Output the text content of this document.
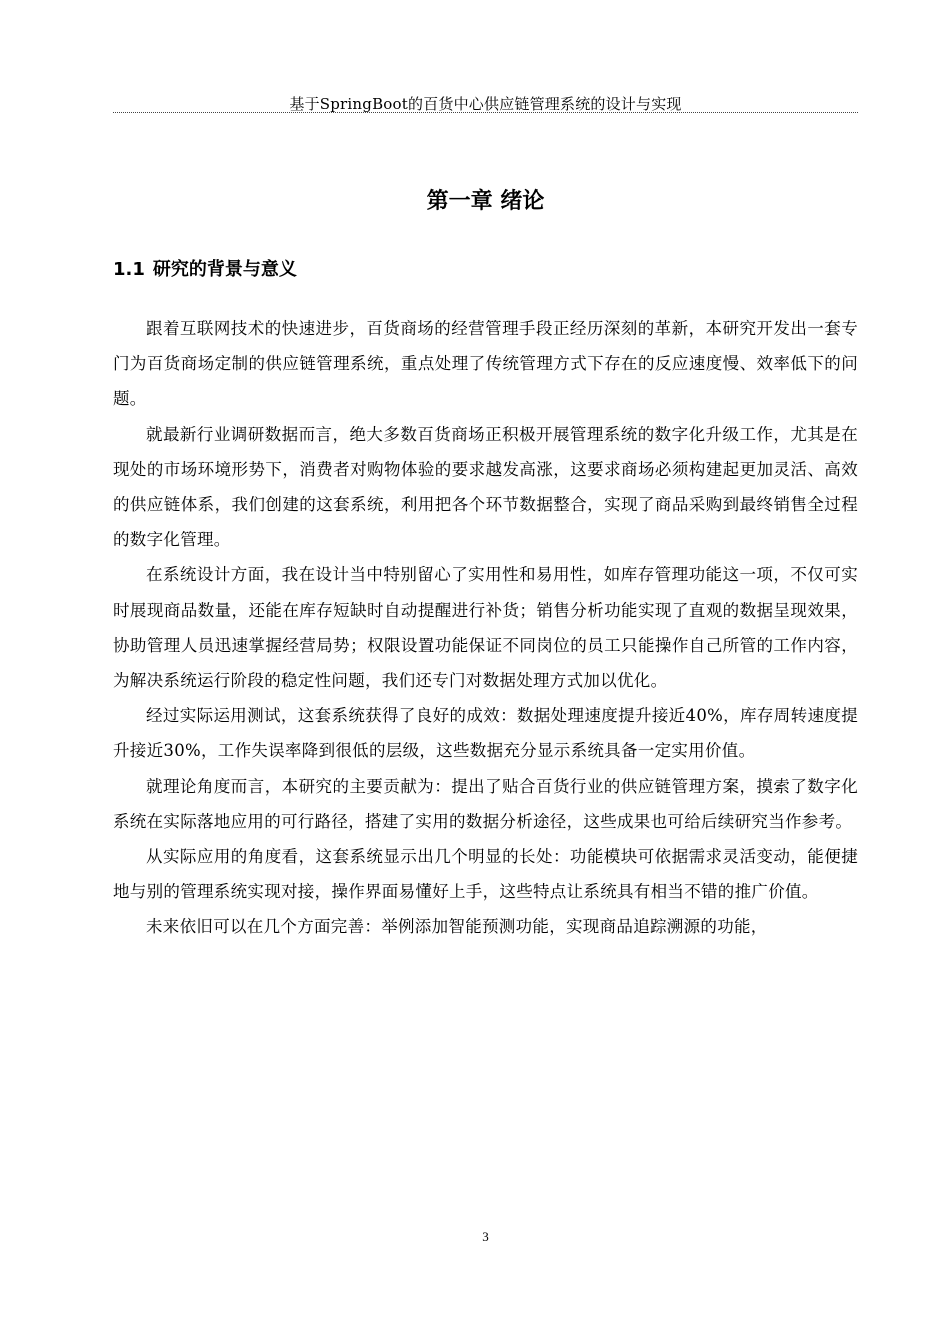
基于SpringBoot的百货中心供应链管理系统的设计与实现
第一章 绪论
1.1 研究的背景与意义

跟着互联网技术的快速进步，百货商场的经营管理手段正经历深刻的革新，本研究开发出一套专门为百货商场定制的供应链管理系统，重点处理了传统管理方式下存在的反应速度慢、效率低下的问题。

就最新行业调研数据而言，绝大多数百货商场正积极开展管理系统的数字化升级工作，尤其是在现处的市场环境形势下，消费者对购物体验的要求越发高涨，这要求商场必须构建起更加灵活、高效的供应链体系，我们创建的这套系统，利用把各个环节数据整合，实现了商品采购到最终销售全过程的数字化管理。

在系统设计方面，我在设计当中特别留心了实用性和易用性，如库存管理功能这一项，不仅可实时展现商品数量，还能在库存短缺时自动提醒进行补货；销售分析功能实现了直观的数据呈现效果，协助管理人员迅速掌握经营局势；权限设置功能保证不同岗位的员工只能操作自己所管的工作内容，为解决系统运行阶段的稳定性问题，我们还专门对数据处理方式加以优化。

经过实际运用测试，这套系统获得了良好的成效：数据处理速度提升接近40%，库存周转速度提升接近30%，工作失误率降到很低的层级，这些数据充分显示系统具备一定实用价值。

就理论角度而言，本研究的主要贡献为：提出了贴合百货行业的供应链管理方案，摸索了数字化系统在实际落地应用的可行路径，搭建了实用的数据分析途径，这些成果也可给后续研究当作参考。

从实际应用的角度看，这套系统显示出几个明显的长处：功能模块可依据需求灵活变动，能便捷地与别的管理系统实现对接，操作界面易懂好上手，这些特点让系统具有相当不错的推广价值。

未来依旧可以在几个方面完善：举例添加智能预测功能，实现商品追踪溯源的功能，

3
